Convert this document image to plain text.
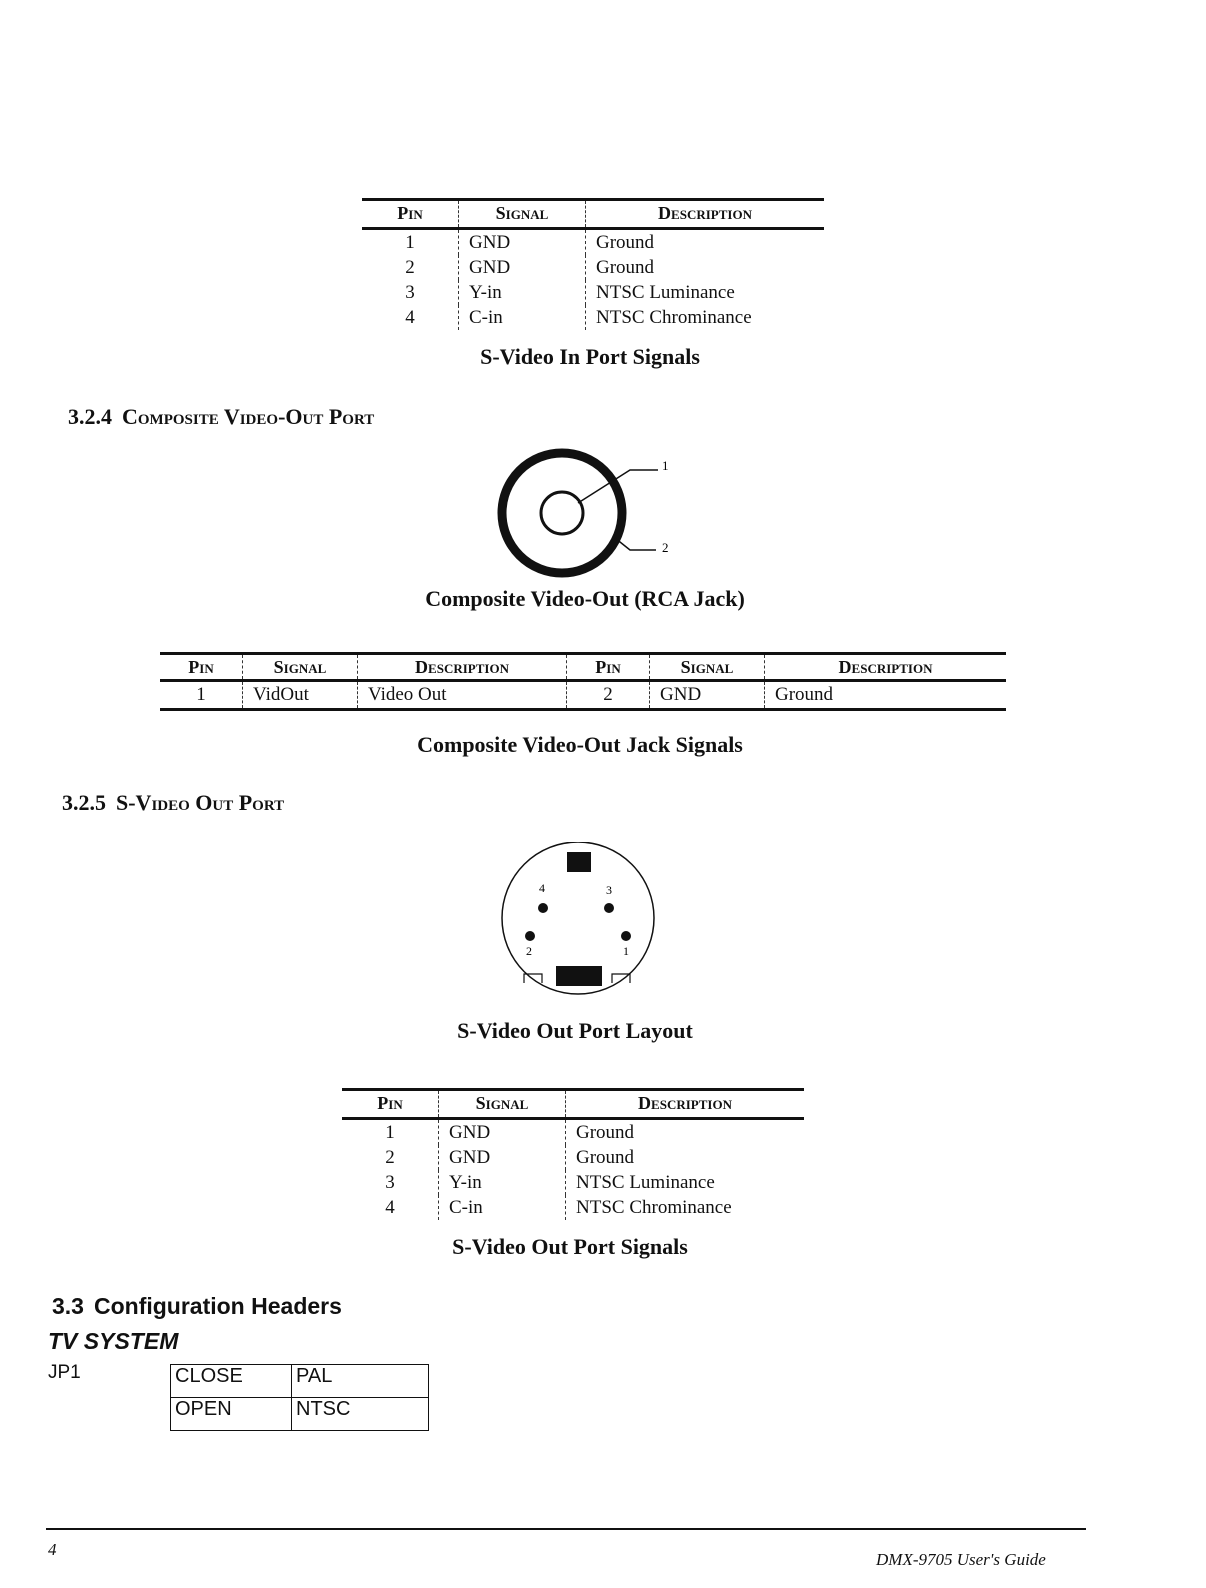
Pin	Signal	Description
1	GND	Ground
2	GND	Ground
3	Y-in	NTSC Luminance
4	C-in	NTSC Chrominance
S-Video In Port Signals
3.2.4 Composite Video-Out Port
1
2
Composite Video-Out (RCA Jack)
Pin	Signal	Description	Pin	Signal	Description
1	VidOut	Video Out	2	GND	Ground
Composite Video-Out Jack Signals
3.2.5 S-Video Out Port
4	3
2	1
S-Video Out Port Layout
Pin	Signal	Description
1	GND	Ground
2	GND	Ground
3	Y-in	NTSC Luminance
4	C-in	NTSC Chrominance
S-Video Out Port Signals
3.3 Configuration Headers
TV SYSTEM
JP1	CLOSE	PAL
OPEN	NTSC
4
DMX-9705 User's Guide
